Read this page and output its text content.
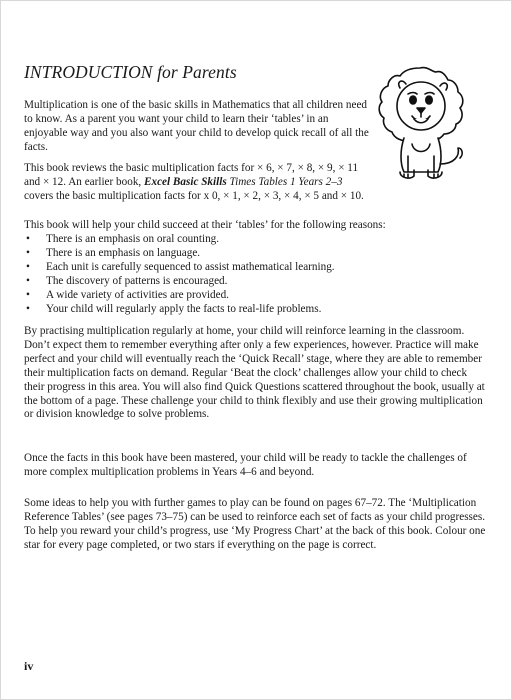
INTRODUCTION for Parents

Multiplication is one of the basic skills in Mathematics that all children need to know. As a parent you want your child to learn their ‘tables’ in an enjoyable way and you also want your child to develop quick recall of all the facts.

This book reviews the basic multiplication facts for × 6, × 7, × 8, × 9, × 11 and × 12. An earlier book, Excel Basic Skills Times Tables 1 Years 2–3 covers the basic multiplication facts for x 0, × 1, × 2, × 3, × 4, × 5 and × 10.

This book will help your child succeed at their ‘tables’ for the following reasons:

• There is an emphasis on oral counting.
• There is an emphasis on language.
• Each unit is carefully sequenced to assist mathematical learning.
• The discovery of patterns is encouraged.
• A wide variety of activities are provided.
• Your child will regularly apply the facts to real-life problems.

By practising multiplication regularly at home, your child will reinforce learning in the classroom. Don’t expect them to remember everything after only a few experiences, however. Practice will make perfect and your child will eventually reach the ‘Quick Recall’ stage, where they are able to remember their multiplication facts on demand. Regular ‘Beat the clock’ challenges allow your child to check their progress in this area. You will also find Quick Questions scattered throughout the book, usually at the bottom of a page. These challenge your child to think flexibly and use their growing multiplication or division knowledge to solve problems.

Once the facts in this book have been mastered, your child will be ready to tackle the challenges of more complex multiplication problems in Years 4–6 and beyond.

Some ideas to help you with further games to play can be found on pages 67–72. The ‘Multiplication Reference Tables’ (see pages 73–75) can be used to reinforce each set of facts as your child progresses. To help you reward your child’s progress, use ‘My Progress Chart’ at the back of this book. Colour one star for every page completed, or two stars if everything on the page is correct.

iv
